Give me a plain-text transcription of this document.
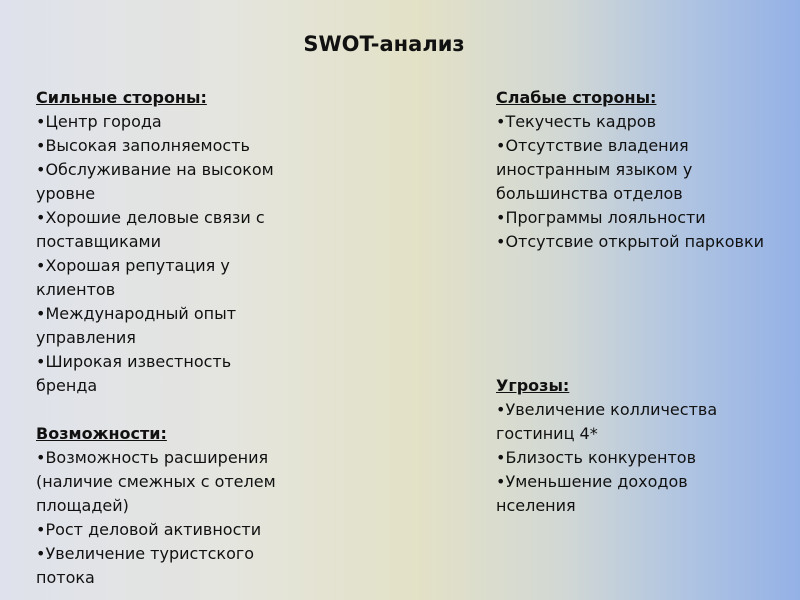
SWOT-анализ
Сильные стороны:
• Центр города
• Высокая заполняемость
• Обслуживание на высоком уровне
• Хорошие деловые связи с поставщиками
• Хорошая репутация у клиентов
• Международный опыт управления
• Широкая известность бренда
Возможности:
• Возможность расширения (наличие смежных с отелем площадей)
• Рост деловой активности
• Увеличение туристского потока
Слабые стороны:
• Текучесть кадров
• Отсутствие владения иностранным языком у большинства отделов
• Программы лояльности
• Отсутсвие открытой парковки
Угрозы:
• Увеличение колличества гостиниц 4*
• Близость конкурентов
• Уменьшение доходов нселения
